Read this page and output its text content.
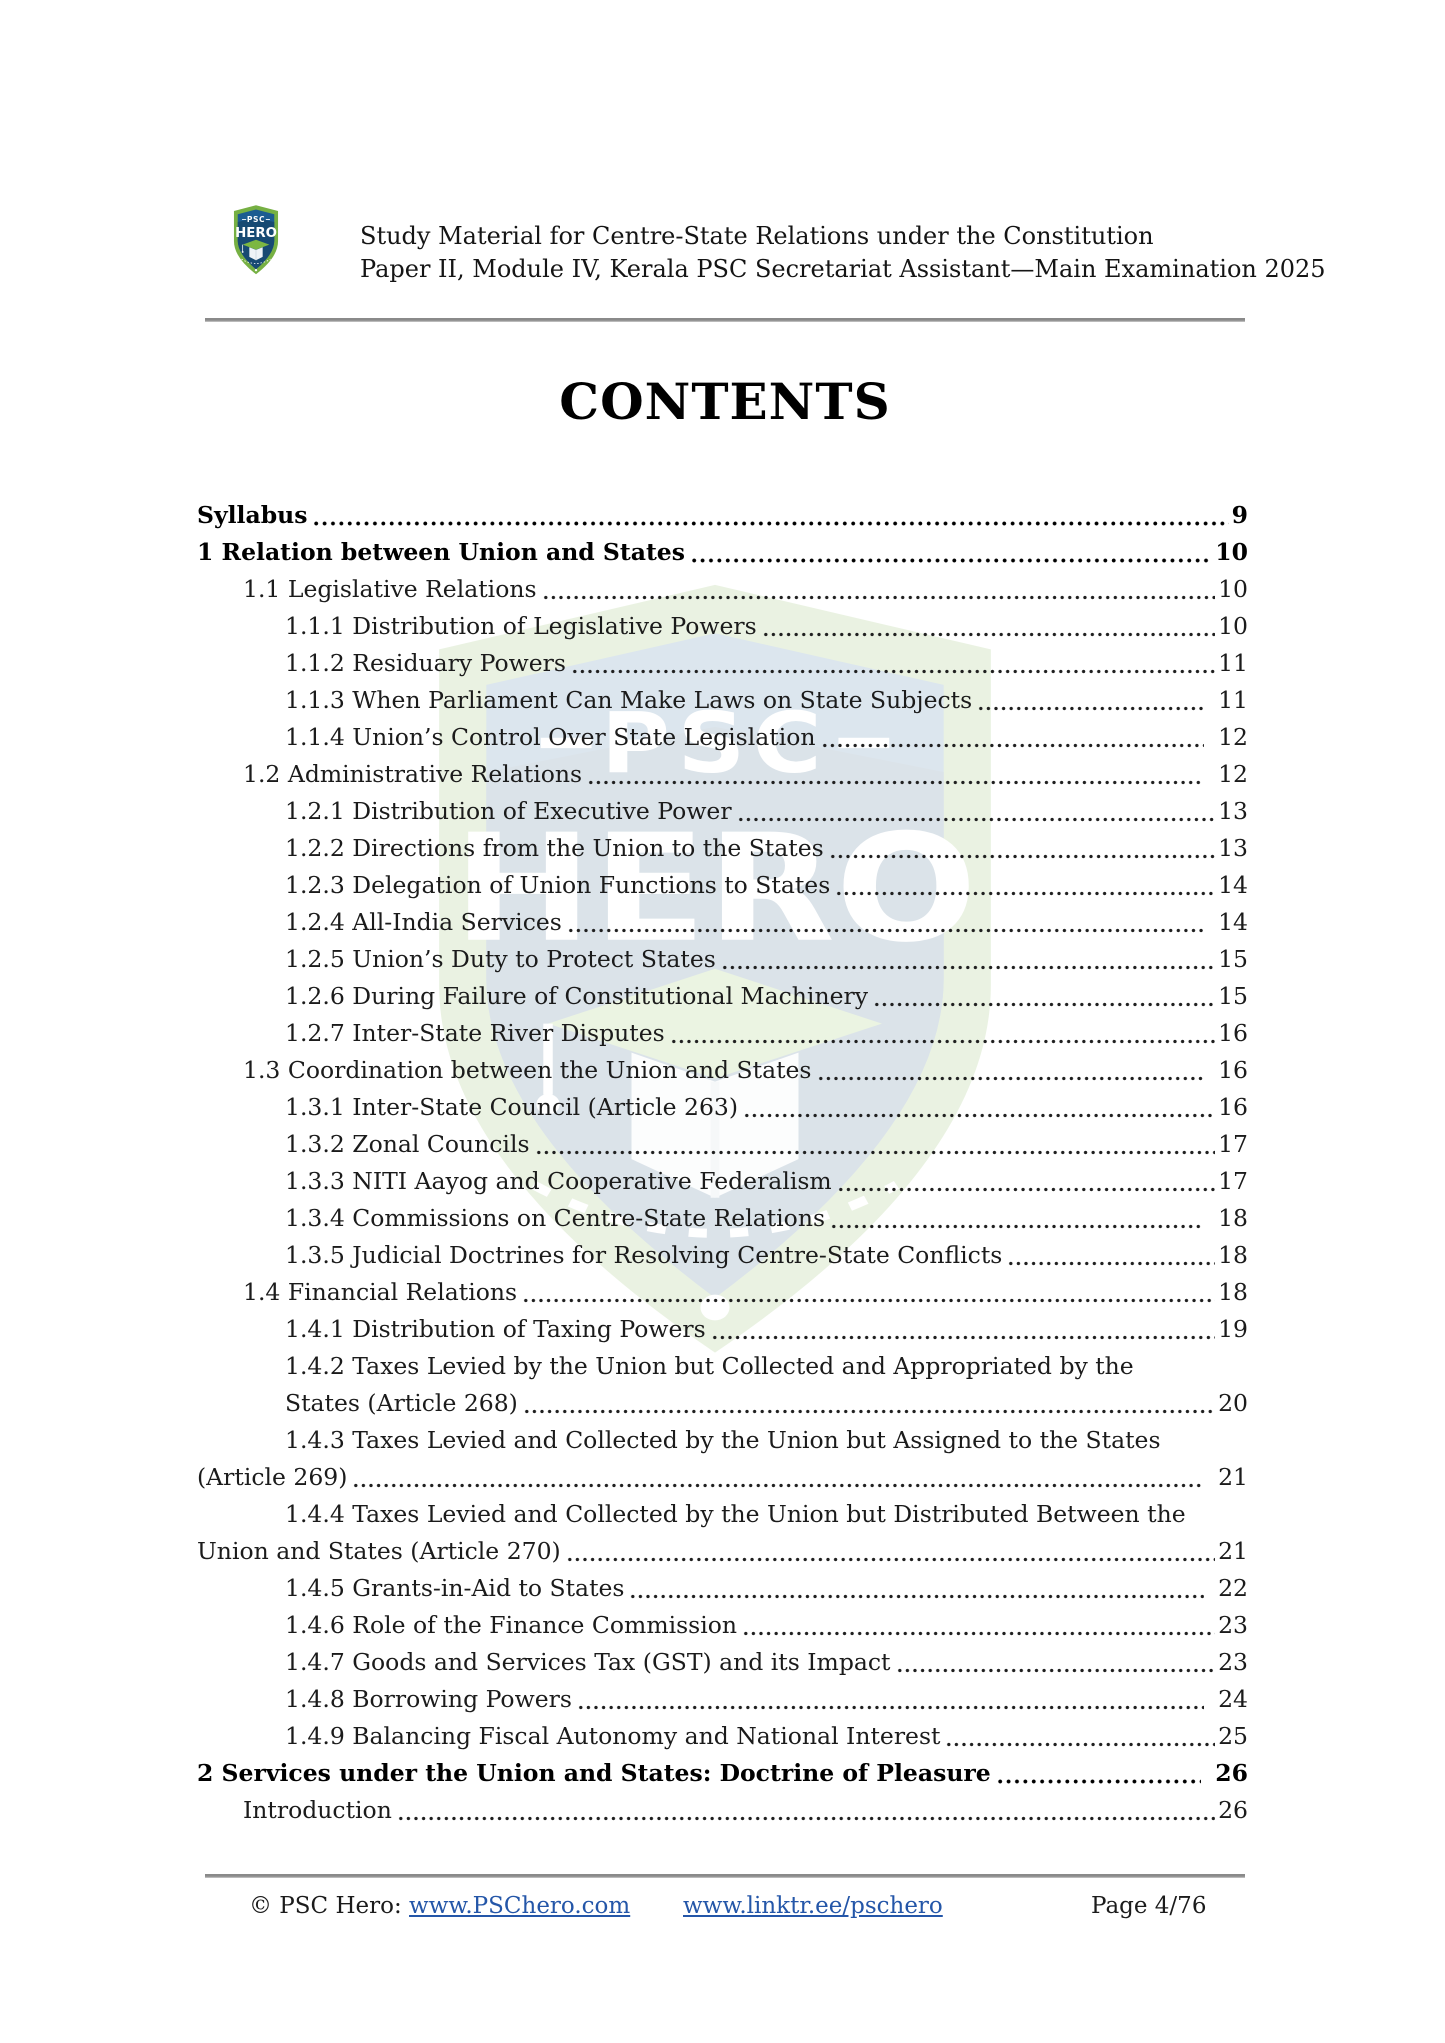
Study Material for Centre-State Relations under the Constitution
Paper II, Module IV, Kerala PSC Secretariat Assistant—Main Examination 2025
CONTENTS
Syllabus	9
1 Relation between Union and States	10
1.1 Legislative Relations	10
1.1.1 Distribution of Legislative Powers	10
1.1.2 Residuary Powers	11
1.1.3 When Parliament Can Make Laws on State Subjects	11
1.1.4 Union’s Control Over State Legislation	12
1.2 Administrative Relations	12
1.2.1 Distribution of Executive Power	13
1.2.2 Directions from the Union to the States	13
1.2.3 Delegation of Union Functions to States	14
1.2.4 All-India Services	14
1.2.5 Union’s Duty to Protect States	15
1.2.6 During Failure of Constitutional Machinery	15
1.2.7 Inter-State River Disputes	16
1.3 Coordination between the Union and States	16
1.3.1 Inter-State Council (Article 263)	16
1.3.2 Zonal Councils	17
1.3.3 NITI Aayog and Cooperative Federalism	17
1.3.4 Commissions on Centre-State Relations	18
1.3.5 Judicial Doctrines for Resolving Centre-State Conflicts	18
1.4 Financial Relations	18
1.4.1 Distribution of Taxing Powers	19
1.4.2 Taxes Levied by the Union but Collected and Appropriated by the
States (Article 268)	20
1.4.3 Taxes Levied and Collected by the Union but Assigned to the States
(Article 269)	21
1.4.4 Taxes Levied and Collected by the Union but Distributed Between the
Union and States (Article 270)	21
1.4.5 Grants-in-Aid to States	22
1.4.6 Role of the Finance Commission	23
1.4.7 Goods and Services Tax (GST) and its Impact	23
1.4.8 Borrowing Powers	24
1.4.9 Balancing Fiscal Autonomy and National Interest	25
2 Services under the Union and States: Doctrine of Pleasure	26
Introduction	26
© PSC Hero: www.PSChero.com www.linktr.ee/pschero	Page 4/76
